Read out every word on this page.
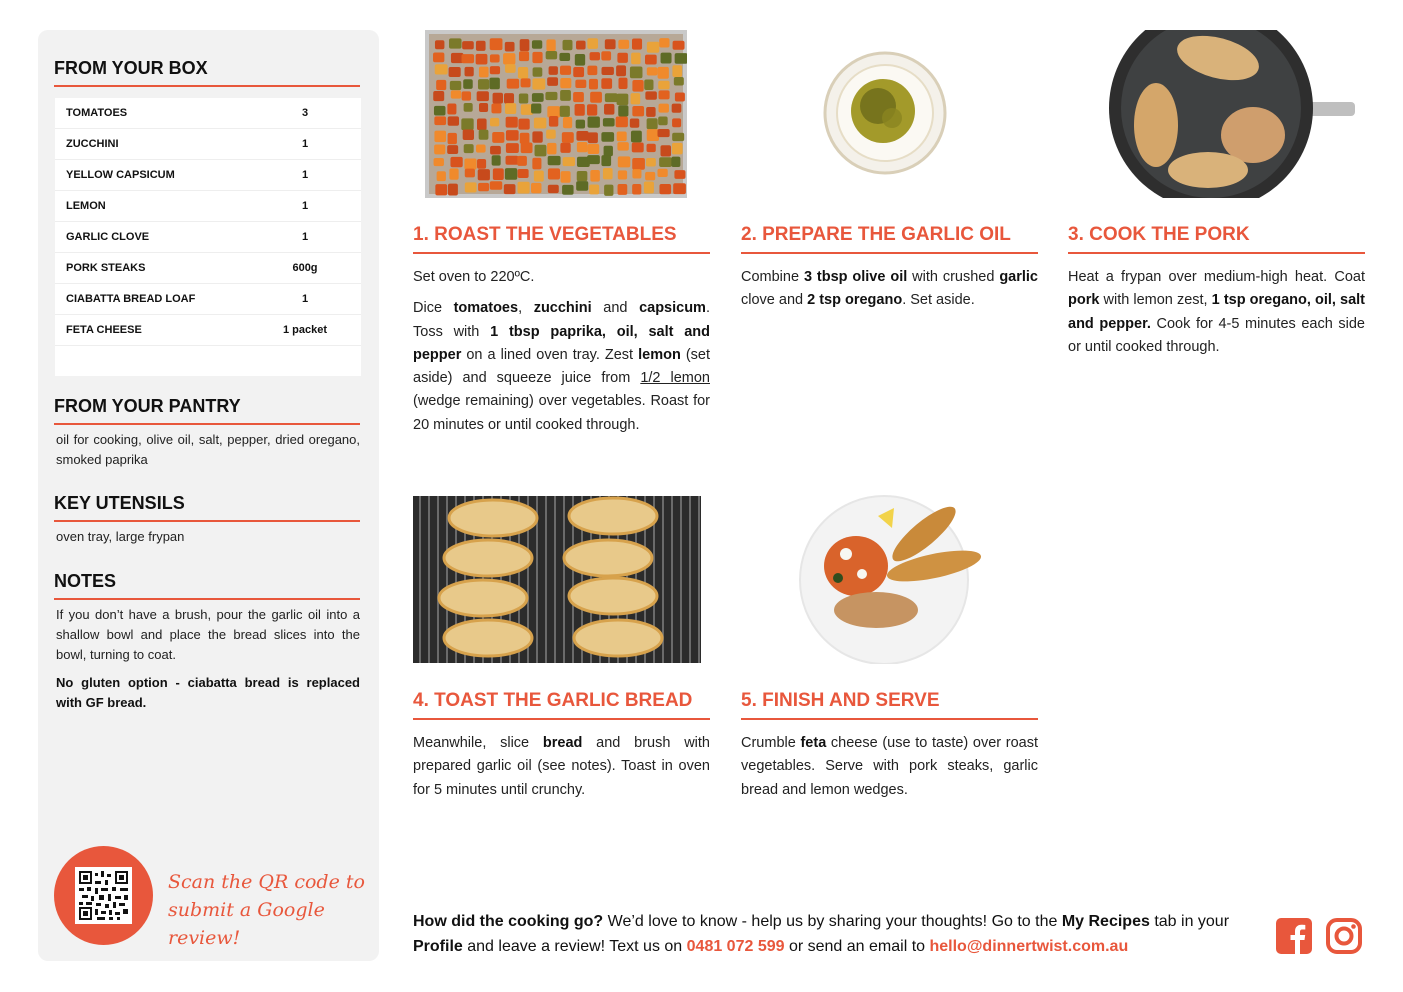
FROM YOUR BOX
TOMATOES	3
ZUCCHINI	1
YELLOW CAPSICUM	1
LEMON	1
GARLIC CLOVE	1
PORK STEAKS	600g
CIABATTA BREAD LOAF	1
FETA CHEESE	1 packet
FROM YOUR PANTRY
oil for cooking, olive oil, salt, pepper, dried oregano, smoked paprika
KEY UTENSILS
oven tray, large frypan
NOTES
If you don’t have a brush, pour the garlic oil into a shallow bowl and place the bread slices into the bowl, turning to coat.
No gluten option - ciabatta bread is replaced with GF bread.
Scan the QR code to
submit a Google review!
1. ROAST THE VEGETABLES	2. PREPARE THE GARLIC OIL	3. COOK THE PORK
4. TOAST THE GARLIC BREAD	5. FINISH AND SERVE

Set oven to 220ºC.

Dice tomatoes, zucchini and capsicum. Toss with 1 tbsp paprika, oil, salt and pepper on a lined oven tray. Zest lemon (set aside) and squeeze juice from 1/2 lemon (wedge remaining) over vegetables. Roast for 20 minutes or until cooked through.

Combine 3 tbsp olive oil with crushed garlic clove and 2 tsp oregano. Set aside.

Heat a frypan over medium-high heat. Coat pork with lemon zest, 1 tsp oregano, oil, salt and pepper. Cook for 4-5 minutes each side or until cooked through.

Meanwhile, slice bread and brush with prepared garlic oil (see notes). Toast in oven for 5 minutes until crunchy.

Crumble feta cheese (use to taste) over roast vegetables. Serve with pork steaks, garlic bread and lemon wedges.

How did the cooking go? We’d love to know - help us by sharing your thoughts! Go to the My Recipes tab in your Profile and leave a review! Text us on 0481 072 599 or send an email to hello@dinnertwist.com.au
